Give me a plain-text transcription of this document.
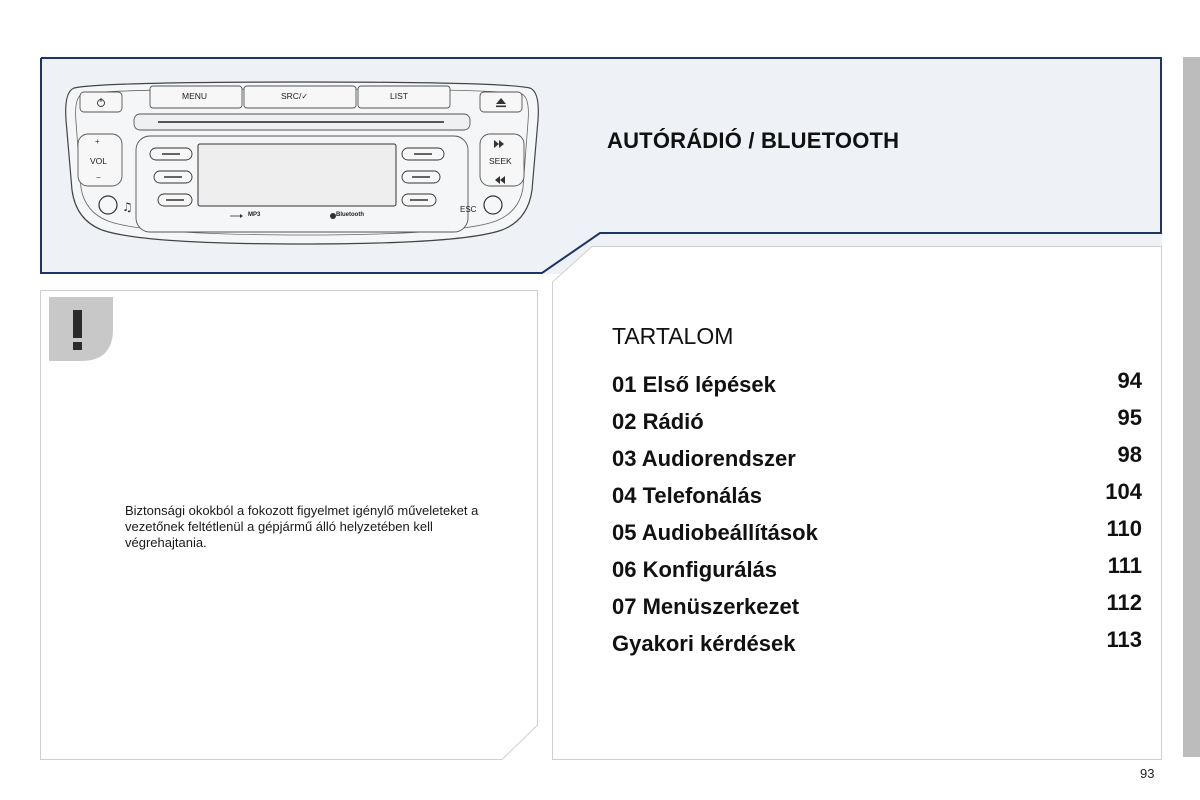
♫
MENU	SRC/✓	LIST
+
VOL
−
SEEK
ESC
MP3	Bluetooth
AUTÓRÁDIÓ / BLUETOOTH
Biztonsági okokból a fokozott figyelmet igénylő műveleteket a vezetőnek feltétlenül a gépjármű álló helyzetében kell végrehajtania.
TARTALOM
01 Első lépések	94
02 Rádió	95
03 Audiorendszer	98
04 Telefonálás	104
05 Audiobeállítások	110
06 Konfigurálás	111
07 Menüszerkezet	112
Gyakori kérdések	113
93
